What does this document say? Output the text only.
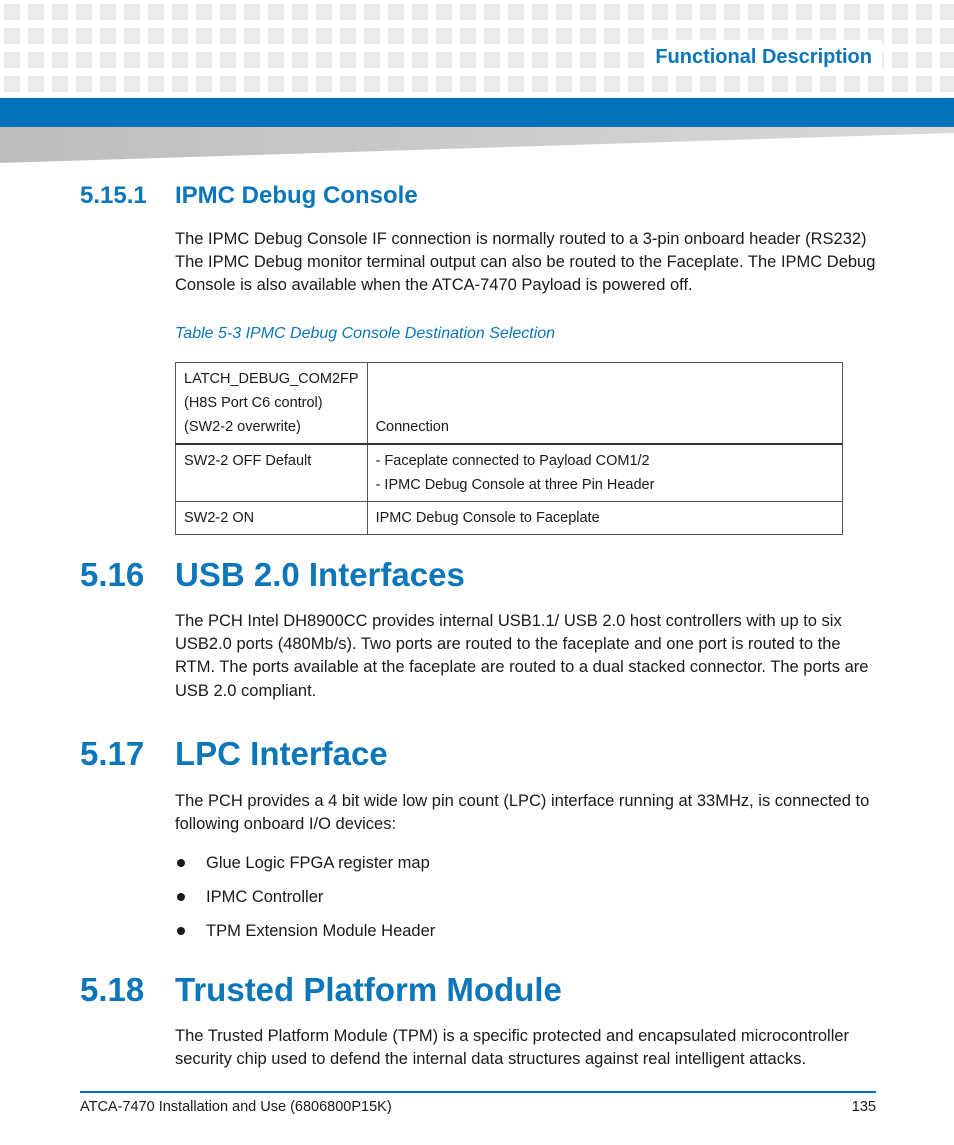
Functional Description
5.15.1 IPMC Debug Console
The IPMC Debug Console IF connection is normally routed to a 3-pin onboard header (RS232) The IPMC Debug monitor terminal output can also be routed to the Faceplate. The IPMC Debug Console is also available when the ATCA-7470 Payload is powered off.
Table 5-3 IPMC Debug Console Destination Selection
LATCH_DEBUG_COM2FP
(H8S Port C6 control)
(SW2-2 overwrite)	Connection
SW2-2 OFF Default	- Faceplate connected to Payload COM1/2
- IPMC Debug Console at three Pin Header

SW2-2 ON	IPMC Debug Console to Faceplate
5.16 USB 2.0 Interfaces
The PCH Intel DH8900CC provides internal USB1.1/ USB 2.0 host controllers with up to six USB2.0 ports (480Mb/s). Two ports are routed to the faceplate and one port is routed to the RTM. The ports available at the faceplate are routed to a dual stacked connector. The ports are USB 2.0 compliant.
5.17 LPC Interface
The PCH provides a 4 bit wide low pin count (LPC) interface running at 33MHz, is connected to following onboard I/O devices:
Glue Logic FPGA register map
IPMC Controller
TPM Extension Module Header
5.18 Trusted Platform Module
The Trusted Platform Module (TPM) is a specific protected and encapsulated microcontroller security chip used to defend the internal data structures against real intelligent attacks.
ATCA-7470 Installation and Use (6806800P15K)	135
